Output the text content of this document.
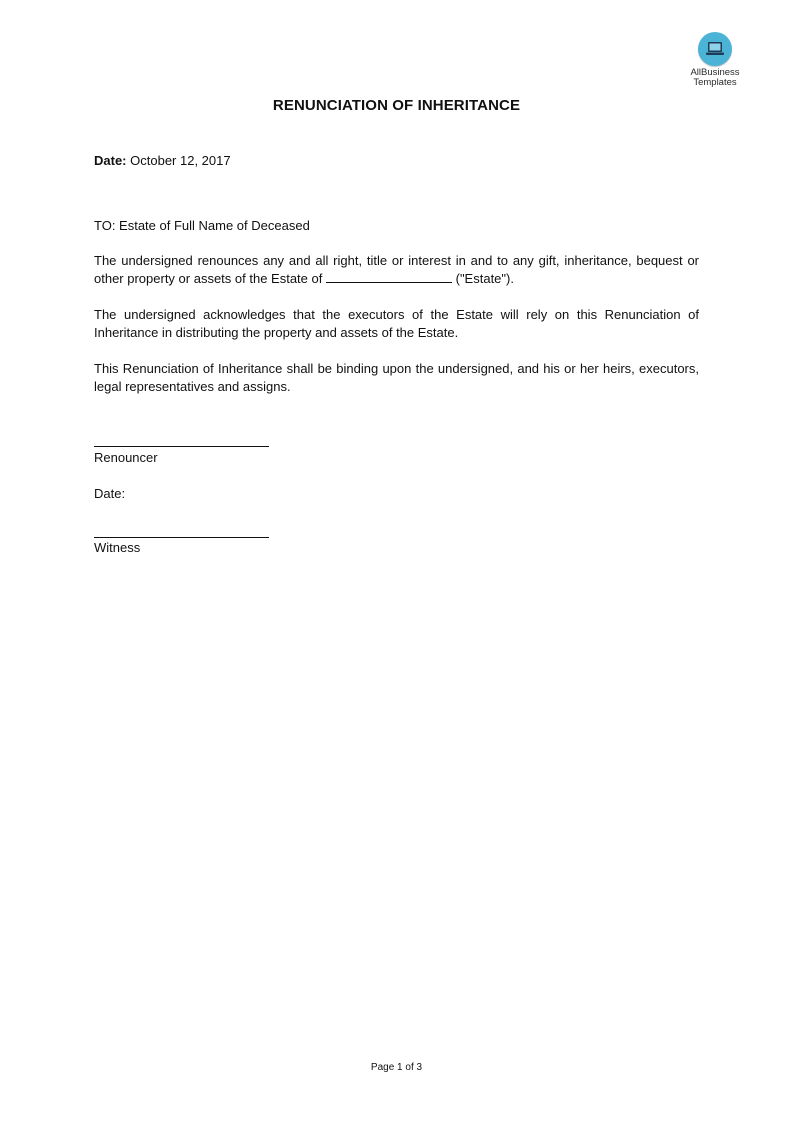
AllBusiness
Templates
RENUNCIATION OF INHERITANCE
Date: October 12, 2017
TO: Estate of Full Name of Deceased
The undersigned renounces any and all right, title or interest in and to any gift, inheritance, bequest or other property or assets of the Estate of	("Estate").
The undersigned acknowledges that the executors of the Estate will rely on this Renunciation of Inheritance in distributing the property and assets of the Estate.
This Renunciation of Inheritance shall be binding upon the undersigned, and his or her heirs, executors, legal representatives and assigns.
Renouncer
Date:
Witness
Page 1 of 3
